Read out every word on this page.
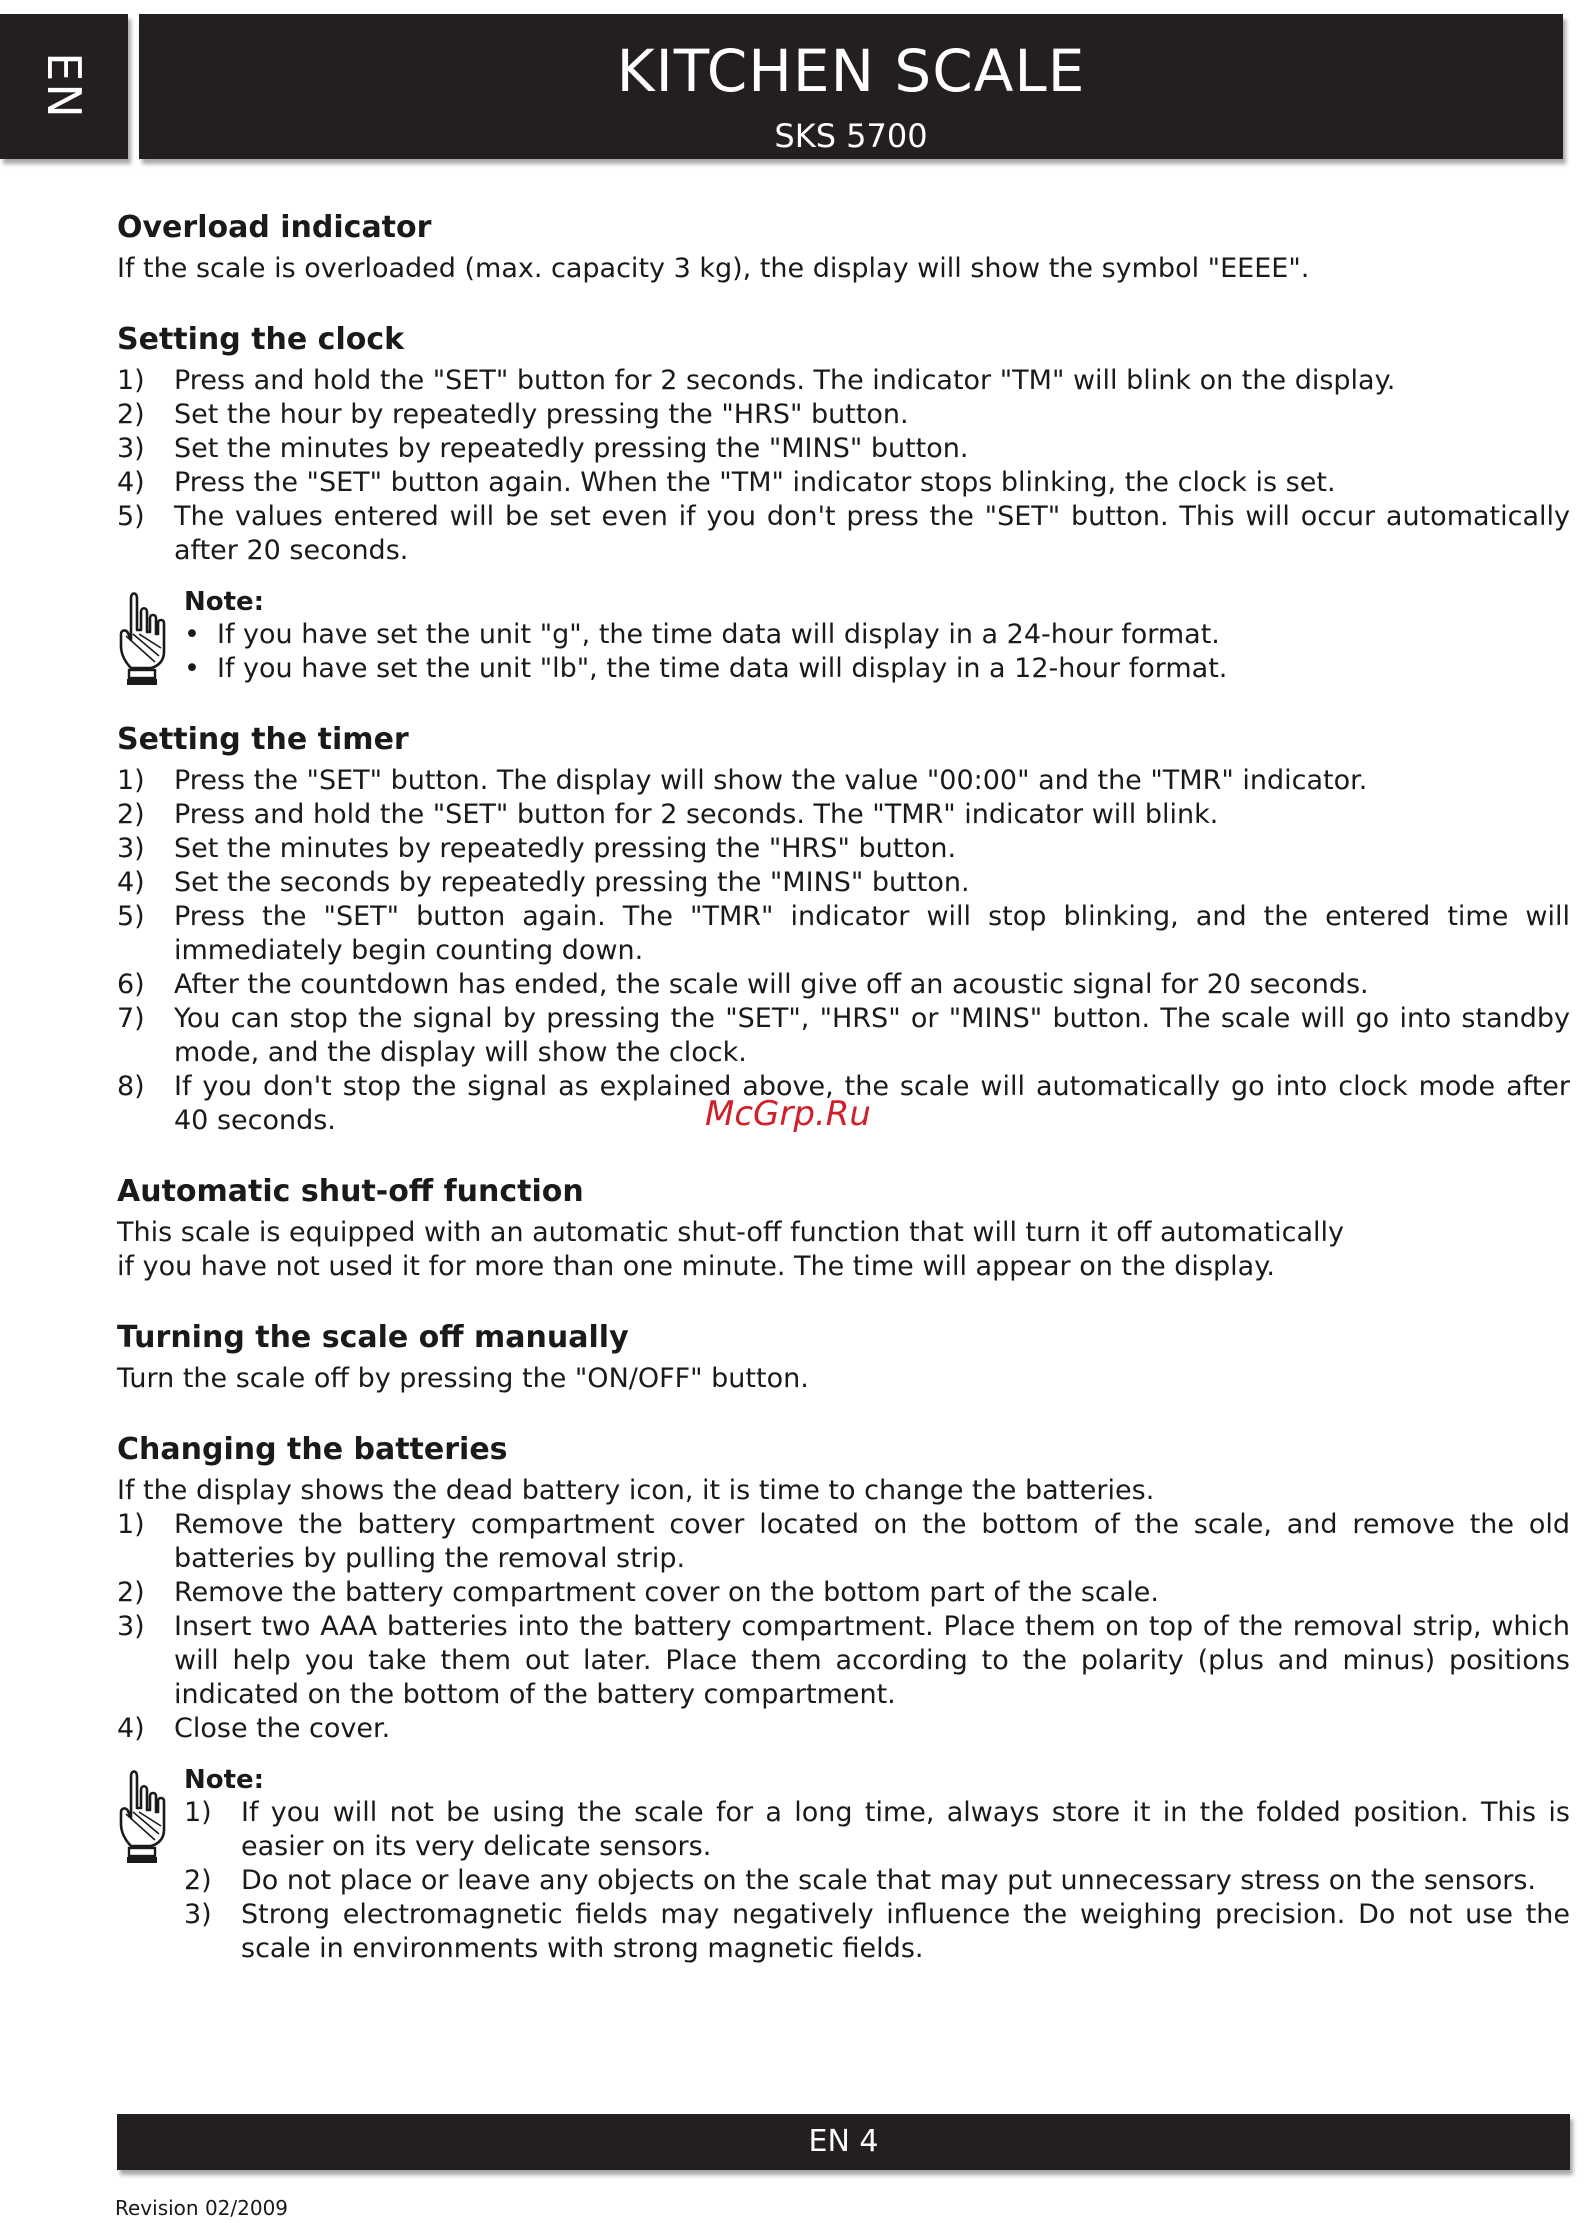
EN	KITCHEN SCALE
SKS 5700
Overload indicator

If the scale is overloaded (max. capacity 3 kg), the display will show the symbol "EEEE".

Setting the clock
1) Press and hold the "SET" button for 2 seconds. The indicator "TM" will blink on the display.
2) Set the hour by repeatedly pressing the "HRS" button.
3) Set the minutes by repeatedly pressing the "MINS" button.
4) Press the "SET" button again. When the "TM" indicator stops blinking, the clock is set.
5) The values entered will be set even if you don't press the "SET" button. This will occur automatically after 20 seconds.
Note:
• If you have set the unit "g", the time data will display in a 24-hour format.
• If you have set the unit "lb", the time data will display in a 12-hour format.
Setting the timer
1) Press the "SET" button. The display will show the value "00:00" and the "TMR" indicator.
2) Press and hold the "SET" button for 2 seconds. The "TMR" indicator will blink.
3) Set the minutes by repeatedly pressing the "HRS" button.
4) Set the seconds by repeatedly pressing the "MINS" button.
5) Press the "SET" button again. The "TMR" indicator will stop blinking, and the entered time will immediately begin counting down.
6) After the countdown has ended, the scale will give off an acoustic signal for 20 seconds.
7) You can stop the signal by pressing the "SET", "HRS" or "MINS" button. The scale will go into standby mode, and the display will show the clock.
8) If you don't stop the signal as explained above, the scale will automatically go into clock mode after 40 seconds.
Automatic shut-off function

This scale is equipped with an automatic shut-off function that will turn it off automatically

if you have not used it for more than one minute. The time will appear on the display.

Turning the scale off manually

Turn the scale off by pressing the "ON/OFF" button.

Changing the batteries

If the display shows the dead battery icon, it is time to change the batteries.

1) Remove the battery compartment cover located on the bottom of the scale, and remove the old batteries by pulling the removal strip.
2) Remove the battery compartment cover on the bottom part of the scale.
3) Insert two AAA batteries into the battery compartment. Place them on top of the removal strip, which will help you take them out later. Place them according to the polarity (plus and minus) positions indicated on the bottom of the battery compartment.
4) Close the cover.
Note:
1) If you will not be using the scale for a long time, always store it in the folded position. This is easier on its very delicate sensors.
2) Do not place or leave any objects on the scale that may put unnecessary stress on the sensors.
3) Strong electromagnetic fields may negatively influence the weighing precision. Do not use the scale in environments with strong magnetic fields.
McGrp.Ru
EN 4
Revision 02/2009
